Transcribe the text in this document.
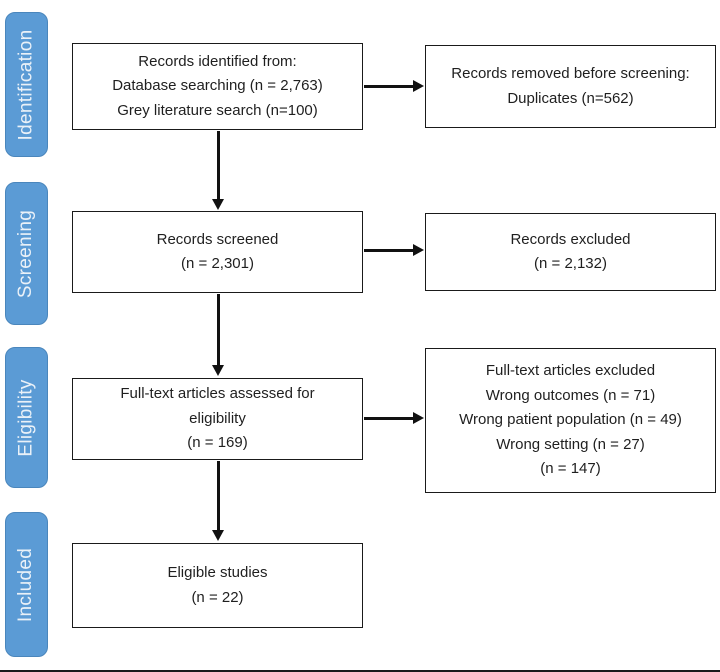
Identification
Screening
Eligibility
Included
Records identified from:
Database searching (n = 2,763)
Grey literature search (n=100)
Records screened
(n = 2,301)
Full-text articles assessed for
eligibility
(n = 169)
Eligible studies
(n = 22)
Records removed before screening:
Duplicates (n=562)
Records excluded
(n = 2,132)
Full-text articles excluded
Wrong outcomes (n = 71)
Wrong patient population (n = 49)
Wrong setting (n = 27)
(n = 147)
